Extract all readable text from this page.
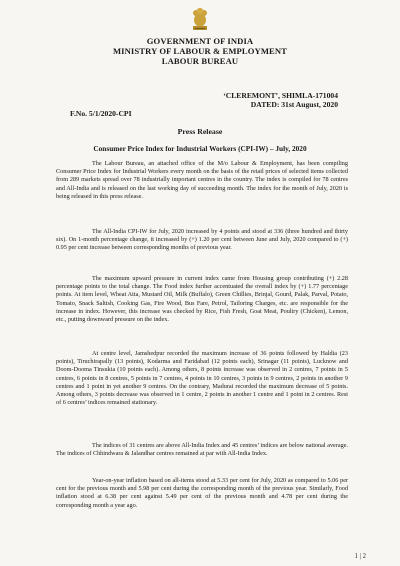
GOVERNMENT OF INDIA
MINISTRY OF LABOUR & EMPLOYMENT
LABOUR BUREAU
‘CLEREMONT’, SHIMLA-171004
DATED: 31st August, 2020
F.No. 5/1/2020-CPI
Press Release
Consumer Price Index for Industrial Workers (CPI-IW) – July, 2020

The Labour Bureau, an attached office of the M/o Labour & Employment, has been compiling Consumer Price Index for Industrial Workers every month on the basis of the retail prices of selected items collected from 289 markets spread over 78 industrially important centres in the country. The index is compiled for 78 centres and All-India and is released on the last working day of succeeding month. The index for the month of July, 2020 is being released in this press release.

The All-India CPI-IW for July, 2020 increased by 4 points and stood at 336 (three hundred and thirty six). On 1-month percentage change, it increased by (+) 1.20 per cent between June and July, 2020 compared to (+) 0.95 per cent increase between corresponding months of previous year.

The maximum upward pressure in current index came from Housing group contributing (+) 2.28 percentage points to the total change. The Food index further accentuated the overall index by (+) 1.77 percentage points. At item level, Wheat Atta, Mustard Oil, Milk (Buffalo), Green Chillies, Brinjal, Gourd, Palak, Parval, Potato, Tomato, Snack Saltish, Cooking Gas, Fire Wood, Bus Fare, Petrol, Tailoring Charges, etc. are responsible for the increase in index. However, this increase was checked by Rice, Fish Fresh, Goat Meat, Poultry (Chicken), Lemon, etc., putting downward pressure on the index.

At centre level, Jamshedpur recorded the maximum increase of 36 points followed by Haldia (23 points), Tiruchirapally (13 points), Kodarma and Faridabad (12 points each), Srinagar (11 points), Lucknow and Doom-Dooma Tinsukia (10 points each). Among others, 8 points increase was observed in 2 centres, 7 points in 5 centres, 6 points in 8 centres, 5 points in 7 centres, 4 points in 10 centres, 3 points in 9 centres, 2 points in another 9 centres and 1 point in yet another 9 centres. On the contrary, Madurai recorded the maximum decrease of 5 points. Among others, 3 points decrease was observed in 1 centre, 2 points in another 1 centre and 1 point in 2 centres. Rest of 6 centres’ indices remained stationary.

The indices of 31 centres are above All-India Index and 45 centres’ indices are below national average. The indices of Chhindwara & Jalandhar centres remained at par with All-India Index.

Year-on-year inflation based on all-items stood at 5.33 per cent for July, 2020 as compared to 5.06 per cent for the previous month and 5.98 per cent during the corresponding month of the previous year. Similarly, Food inflation stood at 6.38 per cent against 5.49 per cent of the previous month and 4.78 per cent during the corresponding month a year ago.

1 | 2
